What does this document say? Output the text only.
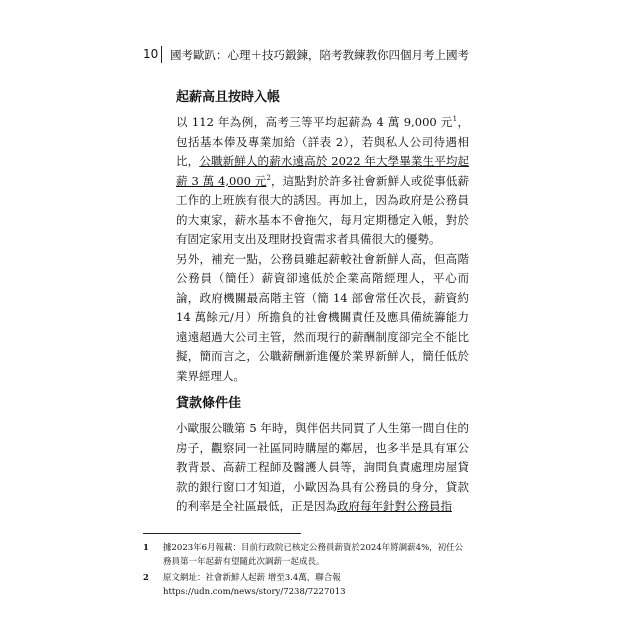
10 國考歐趴：心理＋技巧鍛鍊，陪考教練教你四個月考上國考
起薪高且按時入帳

以 112 年為例，高考三等平均起薪為 4 萬 9,000 元$^1$，包括基本俸及專業加給（詳表 2），若與私人公司待遇相比，公職新鮮人的薪水遠高於 2022 年大學畢業生平均起薪 3 萬 4,000 元$^2$，這點對於許多社會新鮮人或從事低薪工作的上班族有很大的誘因。再加上，因為政府是公務員的大東家，薪水基本不會拖欠，每月定期穩定入帳，對於有固定家用支出及理財投資需求者具備很大的優勢。

另外，補充一點，公務員雖起薪較社會新鮮人高，但高階公務員（簡任）薪資卻遠低於企業高階經理人，平心而論，政府機關最高階主管（簡 14 部會常任次長，薪資約 14 萬餘元/月）所擔負的社會機關責任及應具備統籌能力遠遠超過大公司主管，然而現行的薪酬制度卻完全不能比擬，簡而言之，公職薪酬新進優於業界新鮮人，簡任低於業界經理人。

貸款條件佳

小歐服公職第 5 年時，與伴侶共同買了人生第一間自住的房子，觀察同一社區同時購屋的鄰居，也多半是具有軍公教背景、高薪工程師及醫護人員等，詢問負責處理房屋貸款的銀行窗口才知道，小歐因為具有公務員的身分，貸款的利率是全社區最低，正是因為政府每年針對公務員指

1 據2023年6月報載：目前行政院已核定公務員薪資於2024年將調薪4%，初任公務員第一年起薪有望隨此次調薪一起成長。
2 原文網址：社會新鮮人起薪 增至3.4萬，聯合報 https://udn.com/news/story/7238/7227013
